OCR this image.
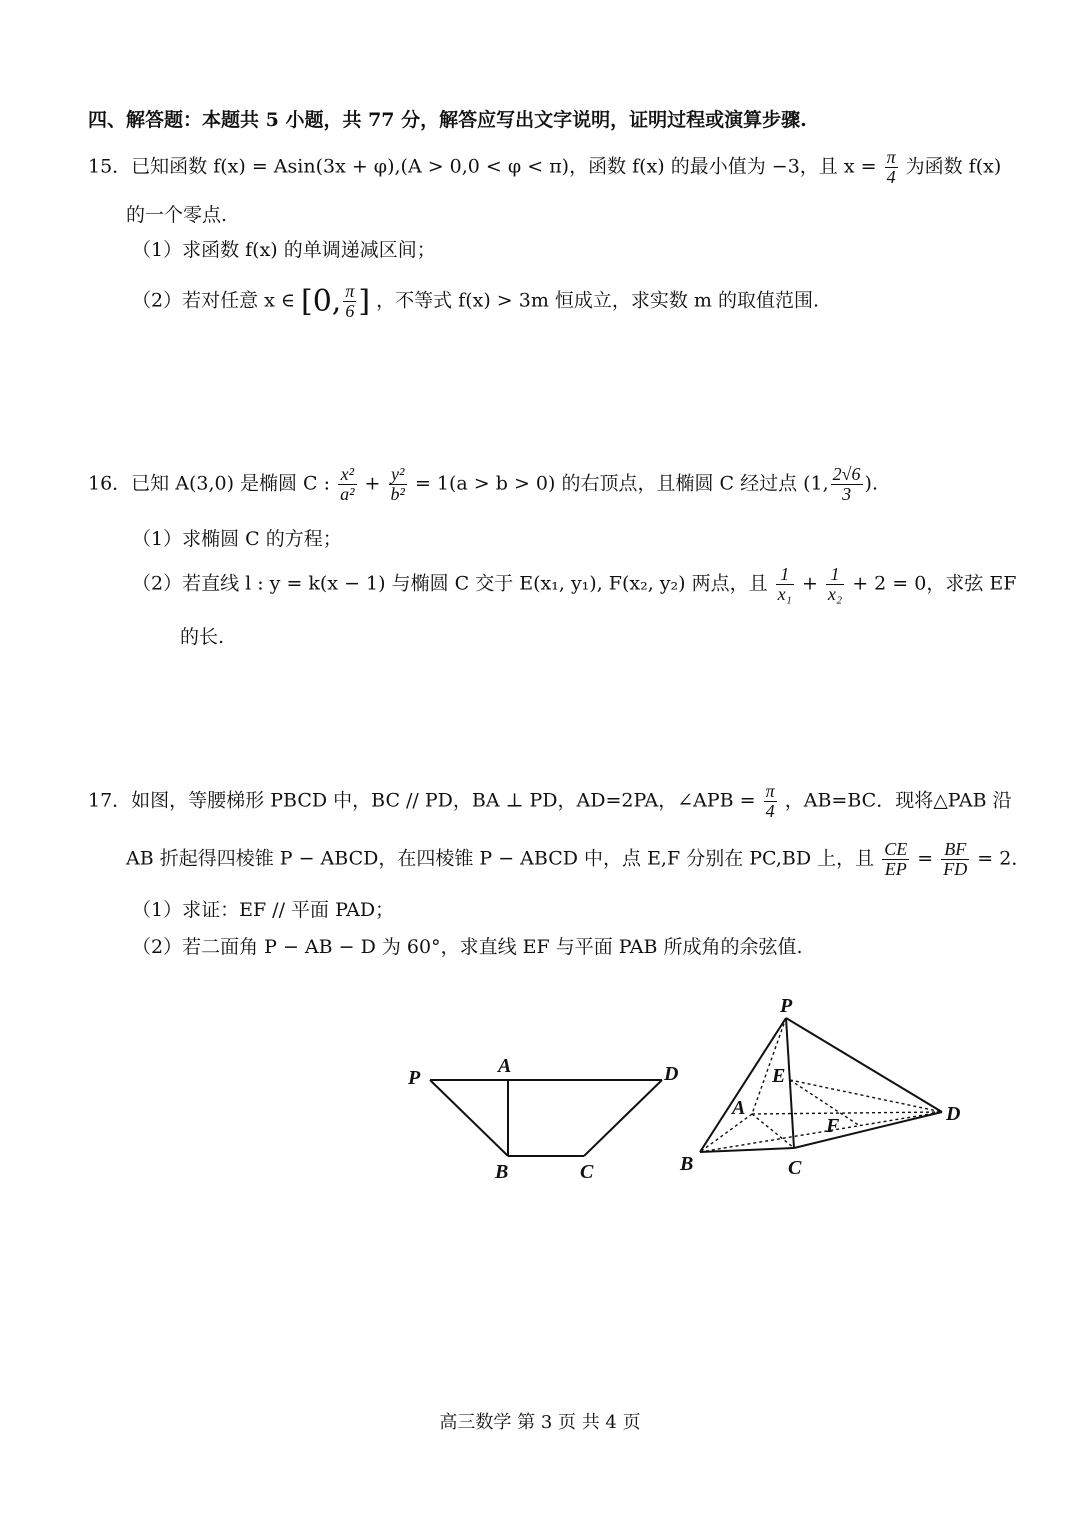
四、解答题：本题共 5 小题，共 77 分，解答应写出文字说明，证明过程或演算步骤.
15．已知函数 f(x) = Asin(3x + φ),(A > 0,0 < φ < π)，函数 f(x) 的最小值为 −3，且 $x = \frac{\pi}{4}$ 为函数 f(x)
的一个零点.
（1）求函数 f(x) 的单调递减区间；
（2）若对任意 x ∈ [0, $\frac{\pi}{6}$ ] ，不等式 f(x) > 3m 恒成立，求实数 m 的取值范围.
16．已知 A(3,0) 是椭圆 C : $\frac{\text{x²}}{\text{a²}} + \frac{\text{y²}}{\text{b²}} = 1(a > b > 0)$ 的右顶点，且椭圆 C 经过点 (1, $\frac{2√6}{3}$ ).
（1）求椭圆 C 的方程；
（2）若直线 l : y = k(x − 1) 与椭圆 C 交于 E(x₁, y₁), F(x₂, y₂) 两点，且 $\frac{1}{\text{x₁}} + \frac{1}{\text{x₂}} + 2 = 0$，求弦 EF
的长.
17．如图，等腰梯形 PBCD 中，BC // PD，BA ⊥ PD，AD=2PA，∠APB = $\frac{\pi}{4}$ ，AB=BC．现将△PAB 沿
AB 折起得四棱锥 P − ABCD，在四棱锥 P − ABCD 中，点 E,F 分别在 PC,BD 上，且 $\frac{CE}{EP} = \frac{BF}{FD} = 2$．
（1）求证：EF // 平面 PAD；
（2）若二面角 P − AB − D 为 60°，求直线 EF 与平面 PAB 所成角的余弦值.
P
A	D
B	C
P
E
A
F
D
B	C
高三数学 第 3 页 共 4 页
